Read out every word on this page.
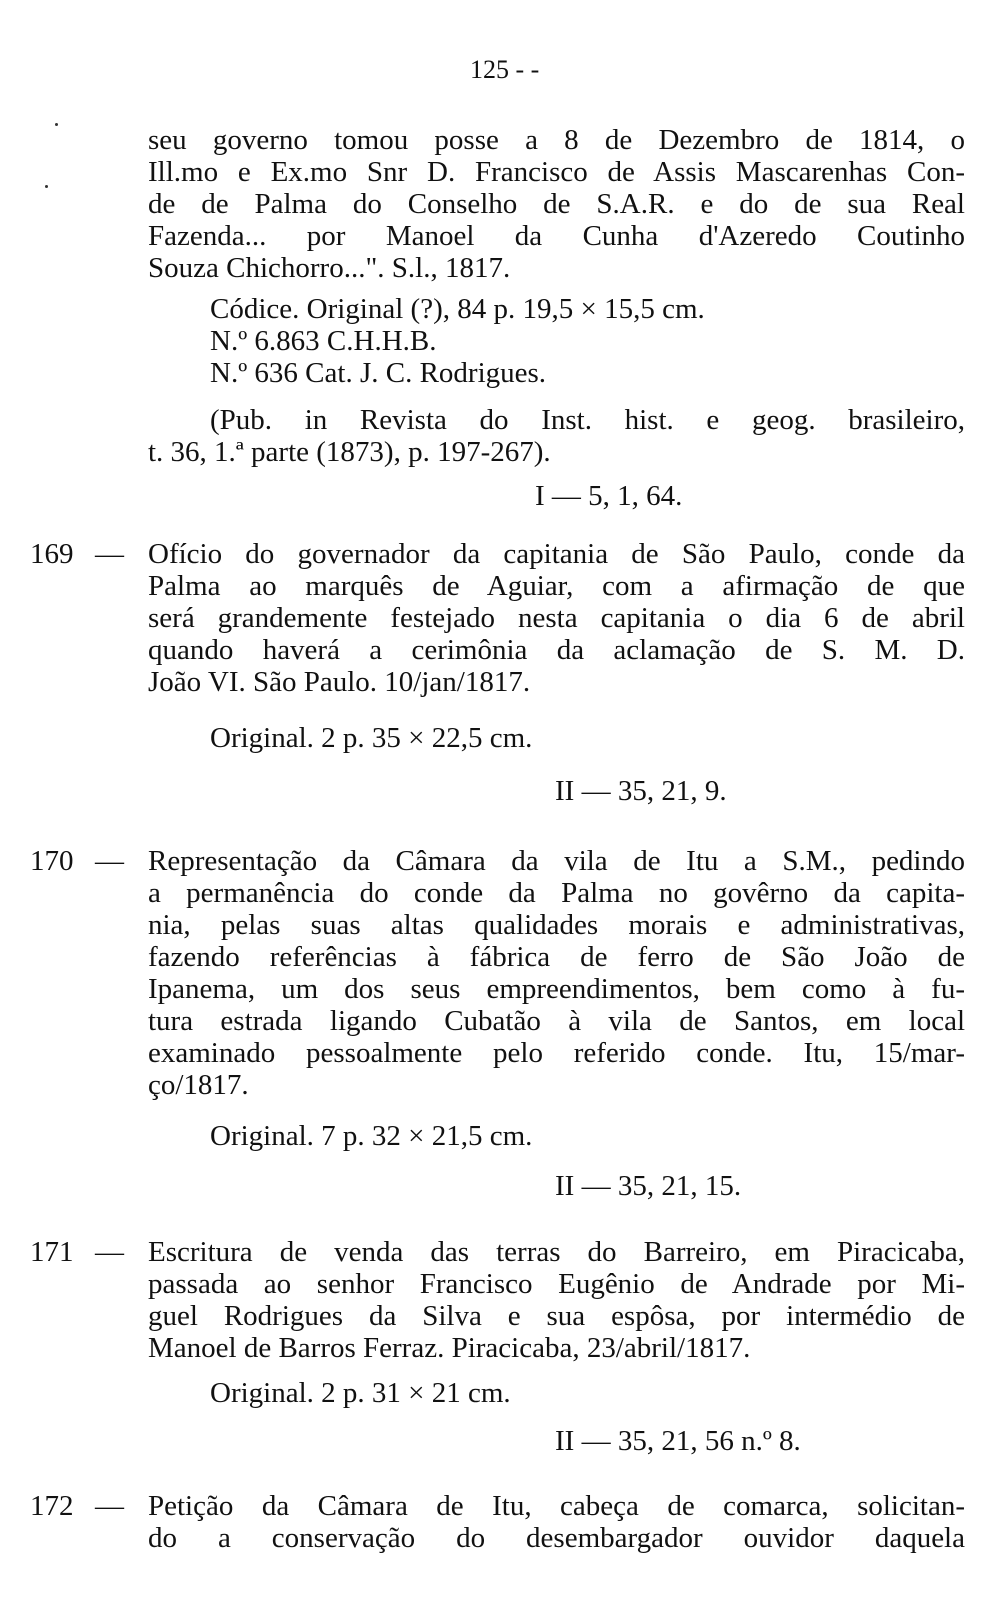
125 - -
seu governo tomou posse a 8 de Dezembro de 1814, o
Ill.mo e Ex.mo Snr D. Francisco de Assis Mascarenhas Con-
de de Palma do Conselho de S.A.R. e do de sua Real
Fazenda... por Manoel da Cunha d'Azeredo Coutinho
Souza Chichorro...". S.l., 1817.
Códice. Original (?), 84 p. 19,5 × 15,5 cm.
N.º 6.863 C.H.H.B.
N.º 636 Cat. J. C. Rodrigues.
(Pub. in Revista do Inst. hist. e geog. brasileiro,
t. 36, 1.ª parte (1873), p. 197-267).
I — 5, 1, 64.
169 — Ofício do governador da capitania de São Paulo, conde da
Palma ao marquês de Aguiar, com a afirmação de que
será grandemente festejado nesta capitania o dia 6 de abril
quando haverá a cerimônia da aclamação de S. M. D.
João VI. São Paulo. 10/jan/1817.
Original. 2 p. 35 × 22,5 cm.
II — 35, 21, 9.
170 — Representação da Câmara da vila de Itu a S.M., pedindo
a permanência do conde da Palma no govêrno da capita-
nia, pelas suas altas qualidades morais e administrativas,
fazendo referências à fábrica de ferro de São João de
Ipanema, um dos seus empreendimentos, bem como à fu-
tura estrada ligando Cubatão à vila de Santos, em local
examinado pessoalmente pelo referido conde. Itu, 15/mar-
ço/1817.
Original. 7 p. 32 × 21,5 cm.
II — 35, 21, 15.
171 — Escritura de venda das terras do Barreiro, em Piracicaba,
passada ao senhor Francisco Eugênio de Andrade por Mi-
guel Rodrigues da Silva e sua espôsa, por intermédio de
Manoel de Barros Ferraz. Piracicaba, 23/abril/1817.
Original. 2 p. 31 × 21 cm.
II — 35, 21, 56 n.º 8.
172 — Petição da Câmara de Itu, cabeça de comarca, solicitan-
do a conservação do desembargador ouvidor daquela
